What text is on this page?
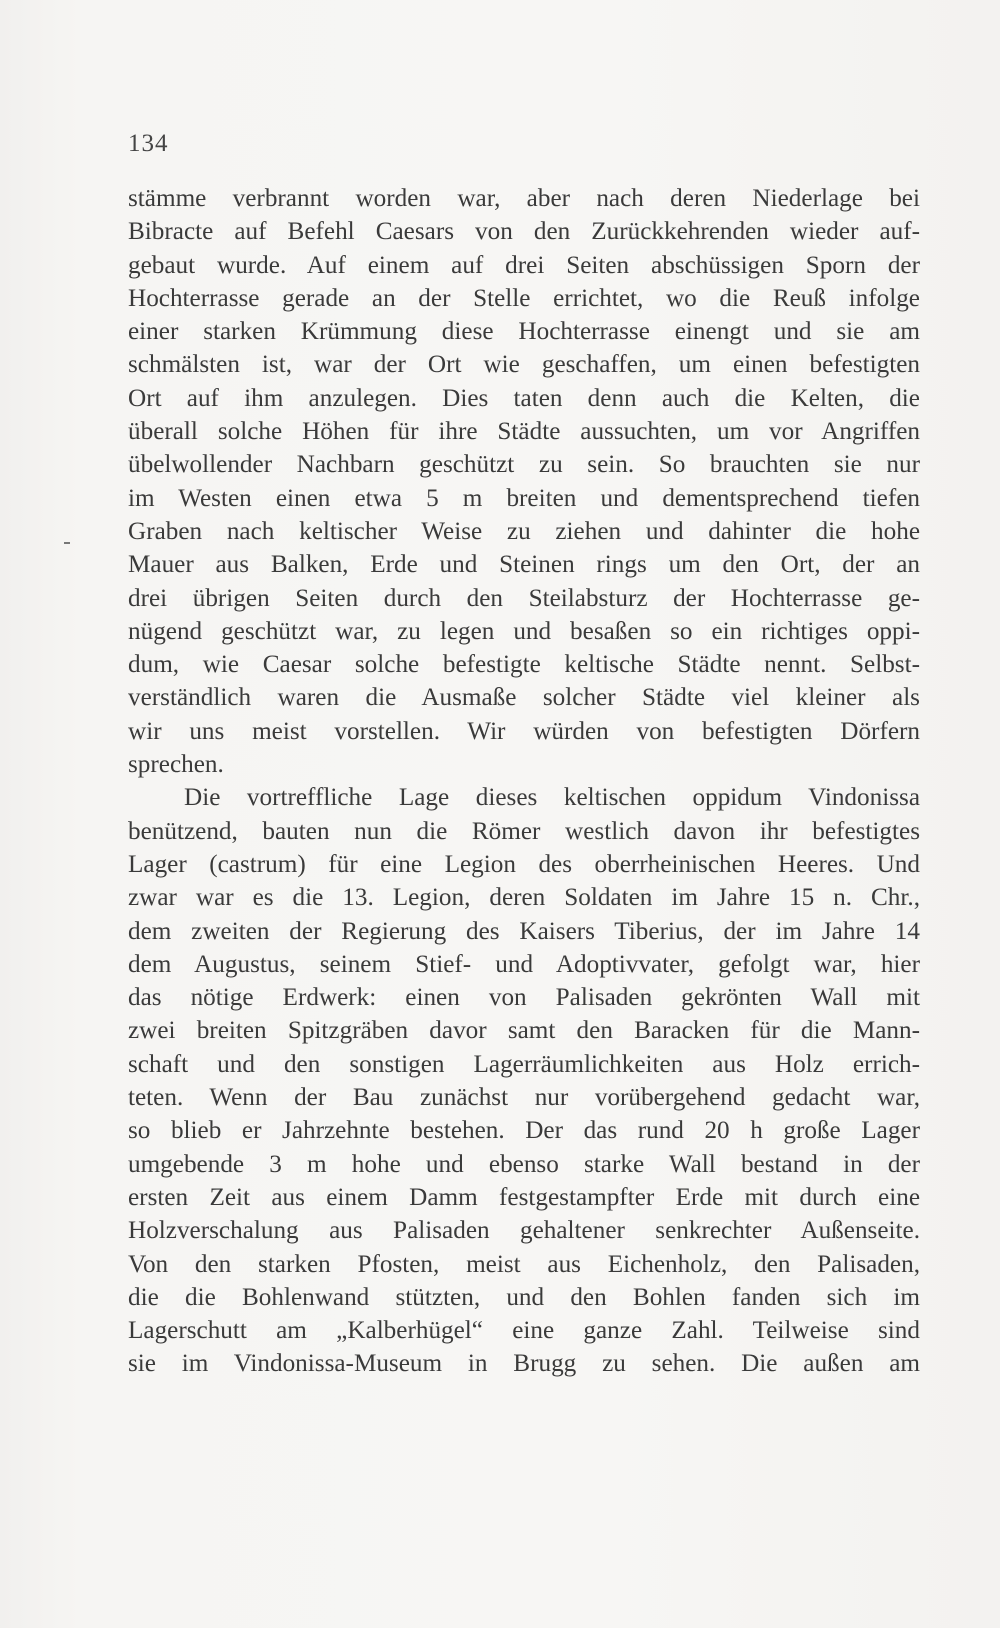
134
stämme verbrannt worden war, aber nach deren Niederlage bei
Bibracte auf Befehl Caesars von den Zurückkehrenden wieder auf-
gebaut wurde. Auf einem auf drei Seiten abschüssigen Sporn der
Hochterrasse gerade an der Stelle errichtet, wo die Reuß infolge
einer starken Krümmung diese Hochterrasse einengt und sie am
schmälsten ist, war der Ort wie geschaffen, um einen befestigten
Ort auf ihm anzulegen. Dies taten denn auch die Kelten, die
überall solche Höhen für ihre Städte aussuchten, um vor Angriffen
übelwollender Nachbarn geschützt zu sein. So brauchten sie nur
im Westen einen etwa 5 m breiten und dementsprechend tiefen
Graben nach keltischer Weise zu ziehen und dahinter die hohe
Mauer aus Balken, Erde und Steinen rings um den Ort, der an
drei übrigen Seiten durch den Steilabsturz der Hochterrasse ge-
nügend geschützt war, zu legen und besaßen so ein richtiges oppi-
dum, wie Caesar solche befestigte keltische Städte nennt. Selbst-
verständlich waren die Ausmaße solcher Städte viel kleiner als
wir uns meist vorstellen. Wir würden von befestigten Dörfern
sprechen.
Die vortreffliche Lage dieses keltischen oppidum Vindonissa
benützend, bauten nun die Römer westlich davon ihr befestigtes
Lager (castrum) für eine Legion des oberrheinischen Heeres. Und
zwar war es die 13. Legion, deren Soldaten im Jahre 15 n. Chr.,
dem zweiten der Regierung des Kaisers Tiberius, der im Jahre 14
dem Augustus, seinem Stief- und Adoptivvater, gefolgt war, hier
das nötige Erdwerk: einen von Palisaden gekrönten Wall mit
zwei breiten Spitzgräben davor samt den Baracken für die Mann-
schaft und den sonstigen Lagerräumlichkeiten aus Holz errich-
teten. Wenn der Bau zunächst nur vorübergehend gedacht war,
so blieb er Jahrzehnte bestehen. Der das rund 20 h große Lager
umgebende 3 m hohe und ebenso starke Wall bestand in der
ersten Zeit aus einem Damm festgestampfter Erde mit durch eine
Holzverschalung aus Palisaden gehaltener senkrechter Außenseite.
Von den starken Pfosten, meist aus Eichenholz, den Palisaden,
die die Bohlenwand stützten, und den Bohlen fanden sich im
Lagerschutt am „Kalberhügel“ eine ganze Zahl. Teilweise sind
sie im Vindonissa-Museum in Brugg zu sehen. Die außen am
